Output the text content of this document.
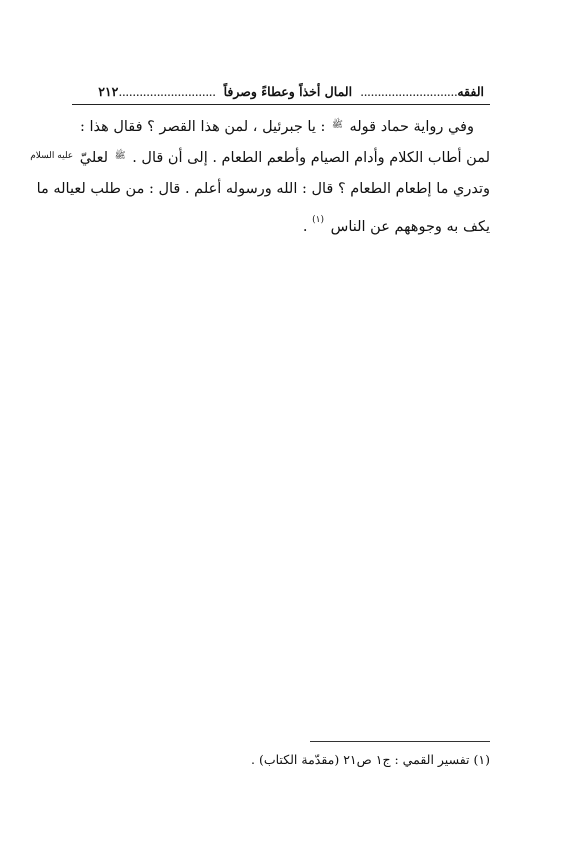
الفقه
............................
المال أخذاً وعطاءً وصرفاً
............................
٢١٢
وفي رواية حماد قوله ﷺ : يا جبرئيل ، لمن هذا القصر ؟ فقال هذا :
لمن أطاب الكلام وأدام الصيام وأطعم الطعام . إلى أن قال . ﷺ لعليّ عليه السلام
وتدري ما إطعام الطعام ؟ قال : الله ورسوله أعلم . قال : من طلب لعياله ما
يكف به وجوههم عن الناس $^{(١)}$ .
(١) تفسير القمي : ج١ ص٢١ (مقدّمة الكتاب) .
